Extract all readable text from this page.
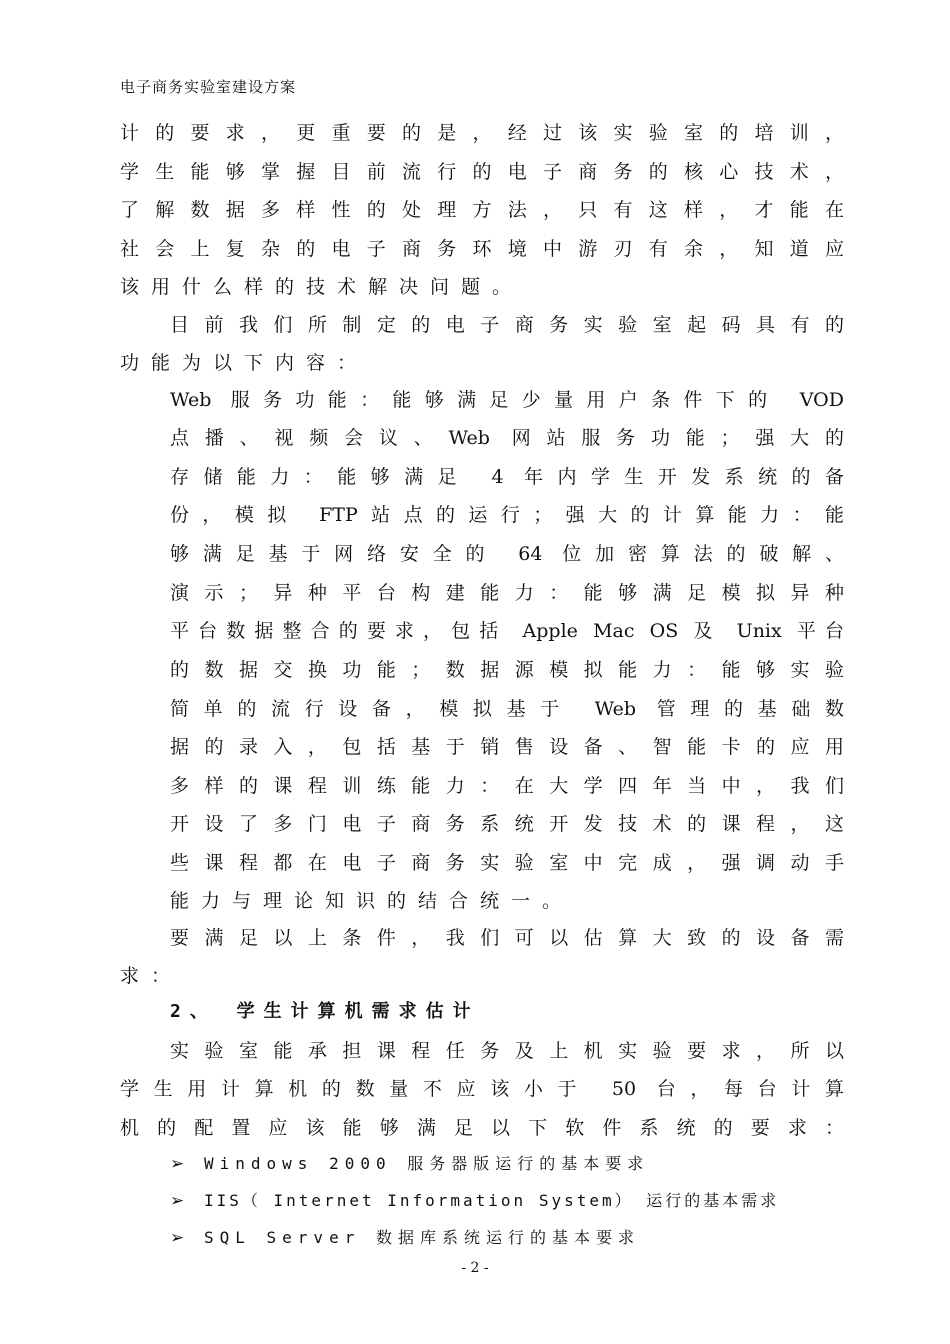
电子商务实验室建设方案
计的要求，更重要的是，经过该实验室的培训，
学生能够掌握目前流行的电子商务的核心技术，
了解数据多样性的处理方法，只有这样，才能在
社会上复杂的电子商务环境中游刃有余，知道应
该用什么样的技术解决问题。
目前我们所制定的电子商务实验室起码具有的
功能为以下内容：
Web 服务功能：能够满足少量用户条件下的 VOD
点播、视频会议、Web 网站服务功能；强大的
存储能力：能够满足 4 年内学生开发系统的备
份，模拟 FTP站点的运行；强大的计算能力：能
够满足基于网络安全的 64 位加密算法的破解、
演示；异种平台构建能力：能够满足模拟异种
平台数据整合的要求，包括 Apple Mac OS 及 Unix 平台
的数据交换功能；数据源模拟能力：能够实验
简单的流行设备，模拟基于 Web 管理的基础数
据的录入，包括基于销售设备、智能卡的应用
多样的课程训练能力：在大学四年当中，我们
开设了多门电子商务系统开发技术的课程，这
些课程都在电子商务实验室中完成，强调动手
能力与理论知识的结合统一。
要满足以上条件，我们可以估算大致的设备需
求：
2、 学生计算机需求估计
实验室能承担课程任务及上机实验要求，所以
学生用计算机的数量不应该小于 50 台，每台计算
机的配置应该能够满足以下软件系统的要求：
➢ Windows 2000 服务器版运行的基本要求
➢ IIS（ Internet Information System） 运行的基本需求
➢ SQL Server 数据库系统运行的基本要求
- 2 -
